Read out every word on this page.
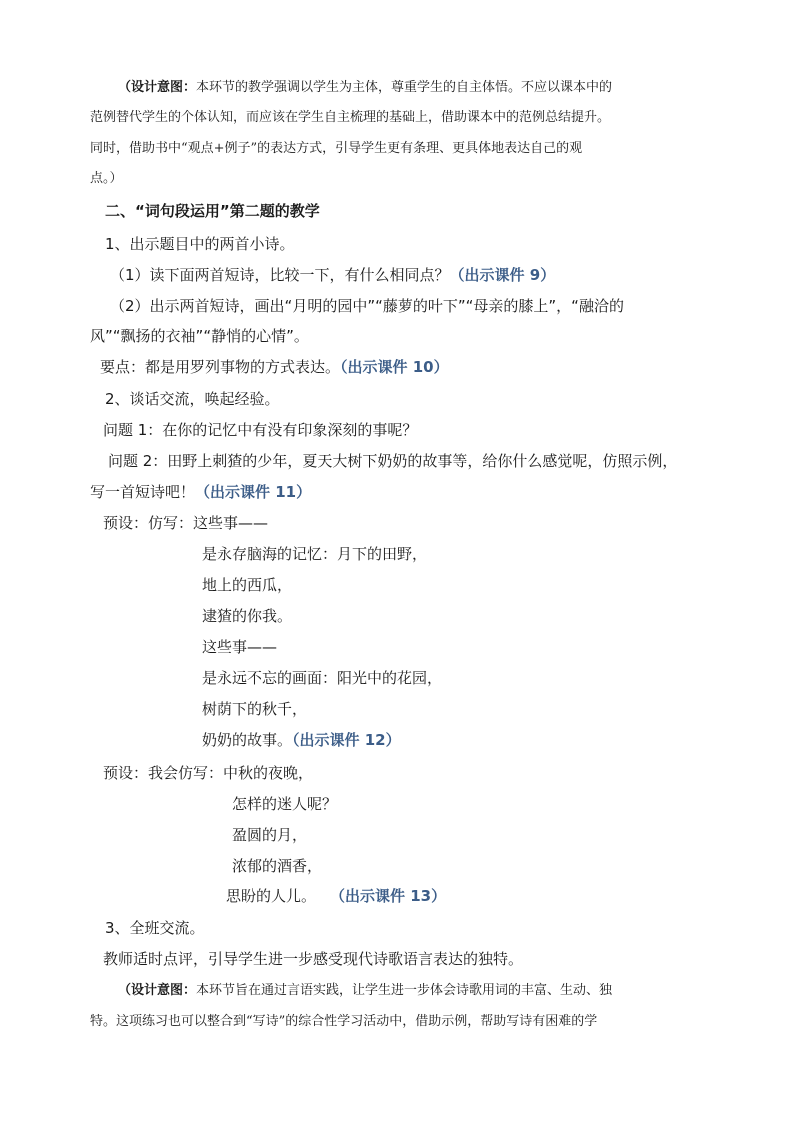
（设计意图：本环节的教学强调以学生为主体，尊重学生的自主体悟。不应以课本中的
范例替代学生的个体认知，而应该在学生自主梳理的基础上，借助课本中的范例总结提升。
同时，借助书中“观点+例子”的表达方式，引导学生更有条理、更具体地表达自己的观
点。）
二、“词句段运用”第二题的教学
1、出示题目中的两首小诗。
（1）读下面两首短诗，比较一下，有什么相同点？（出示课件 9）
（2）出示两首短诗，画出“月明的园中”“藤萝的叶下”“母亲的膝上”，“融洽的
风”“飘扬的衣袖”“静悄的心情”。
要点：都是用罗列事物的方式表达。（出示课件 10）
2、谈话交流，唤起经验。
问题 1：在你的记忆中有没有印象深刻的事呢？
问题 2：田野上刺猹的少年，夏天大树下奶奶的故事等，给你什么感觉呢，仿照示例，
写一首短诗吧！（出示课件 11）
预设：仿写：这些事——
是永存脑海的记忆：月下的田野，
地上的西瓜，
逮猹的你我。
这些事——
是永远不忘的画面：阳光中的花园，
树荫下的秋千，
奶奶的故事。（出示课件 12）
预设：我会仿写：中秋的夜晚，
怎样的迷人呢？
盈圆的月，
浓郁的酒香，
思盼的人儿。 （出示课件 13）
3、全班交流。
教师适时点评，引导学生进一步感受现代诗歌语言表达的独特。
（设计意图：本环节旨在通过言语实践，让学生进一步体会诗歌用词的丰富、生动、独
特。这项练习也可以整合到“写诗”的综合性学习活动中，借助示例，帮助写诗有困难的学
